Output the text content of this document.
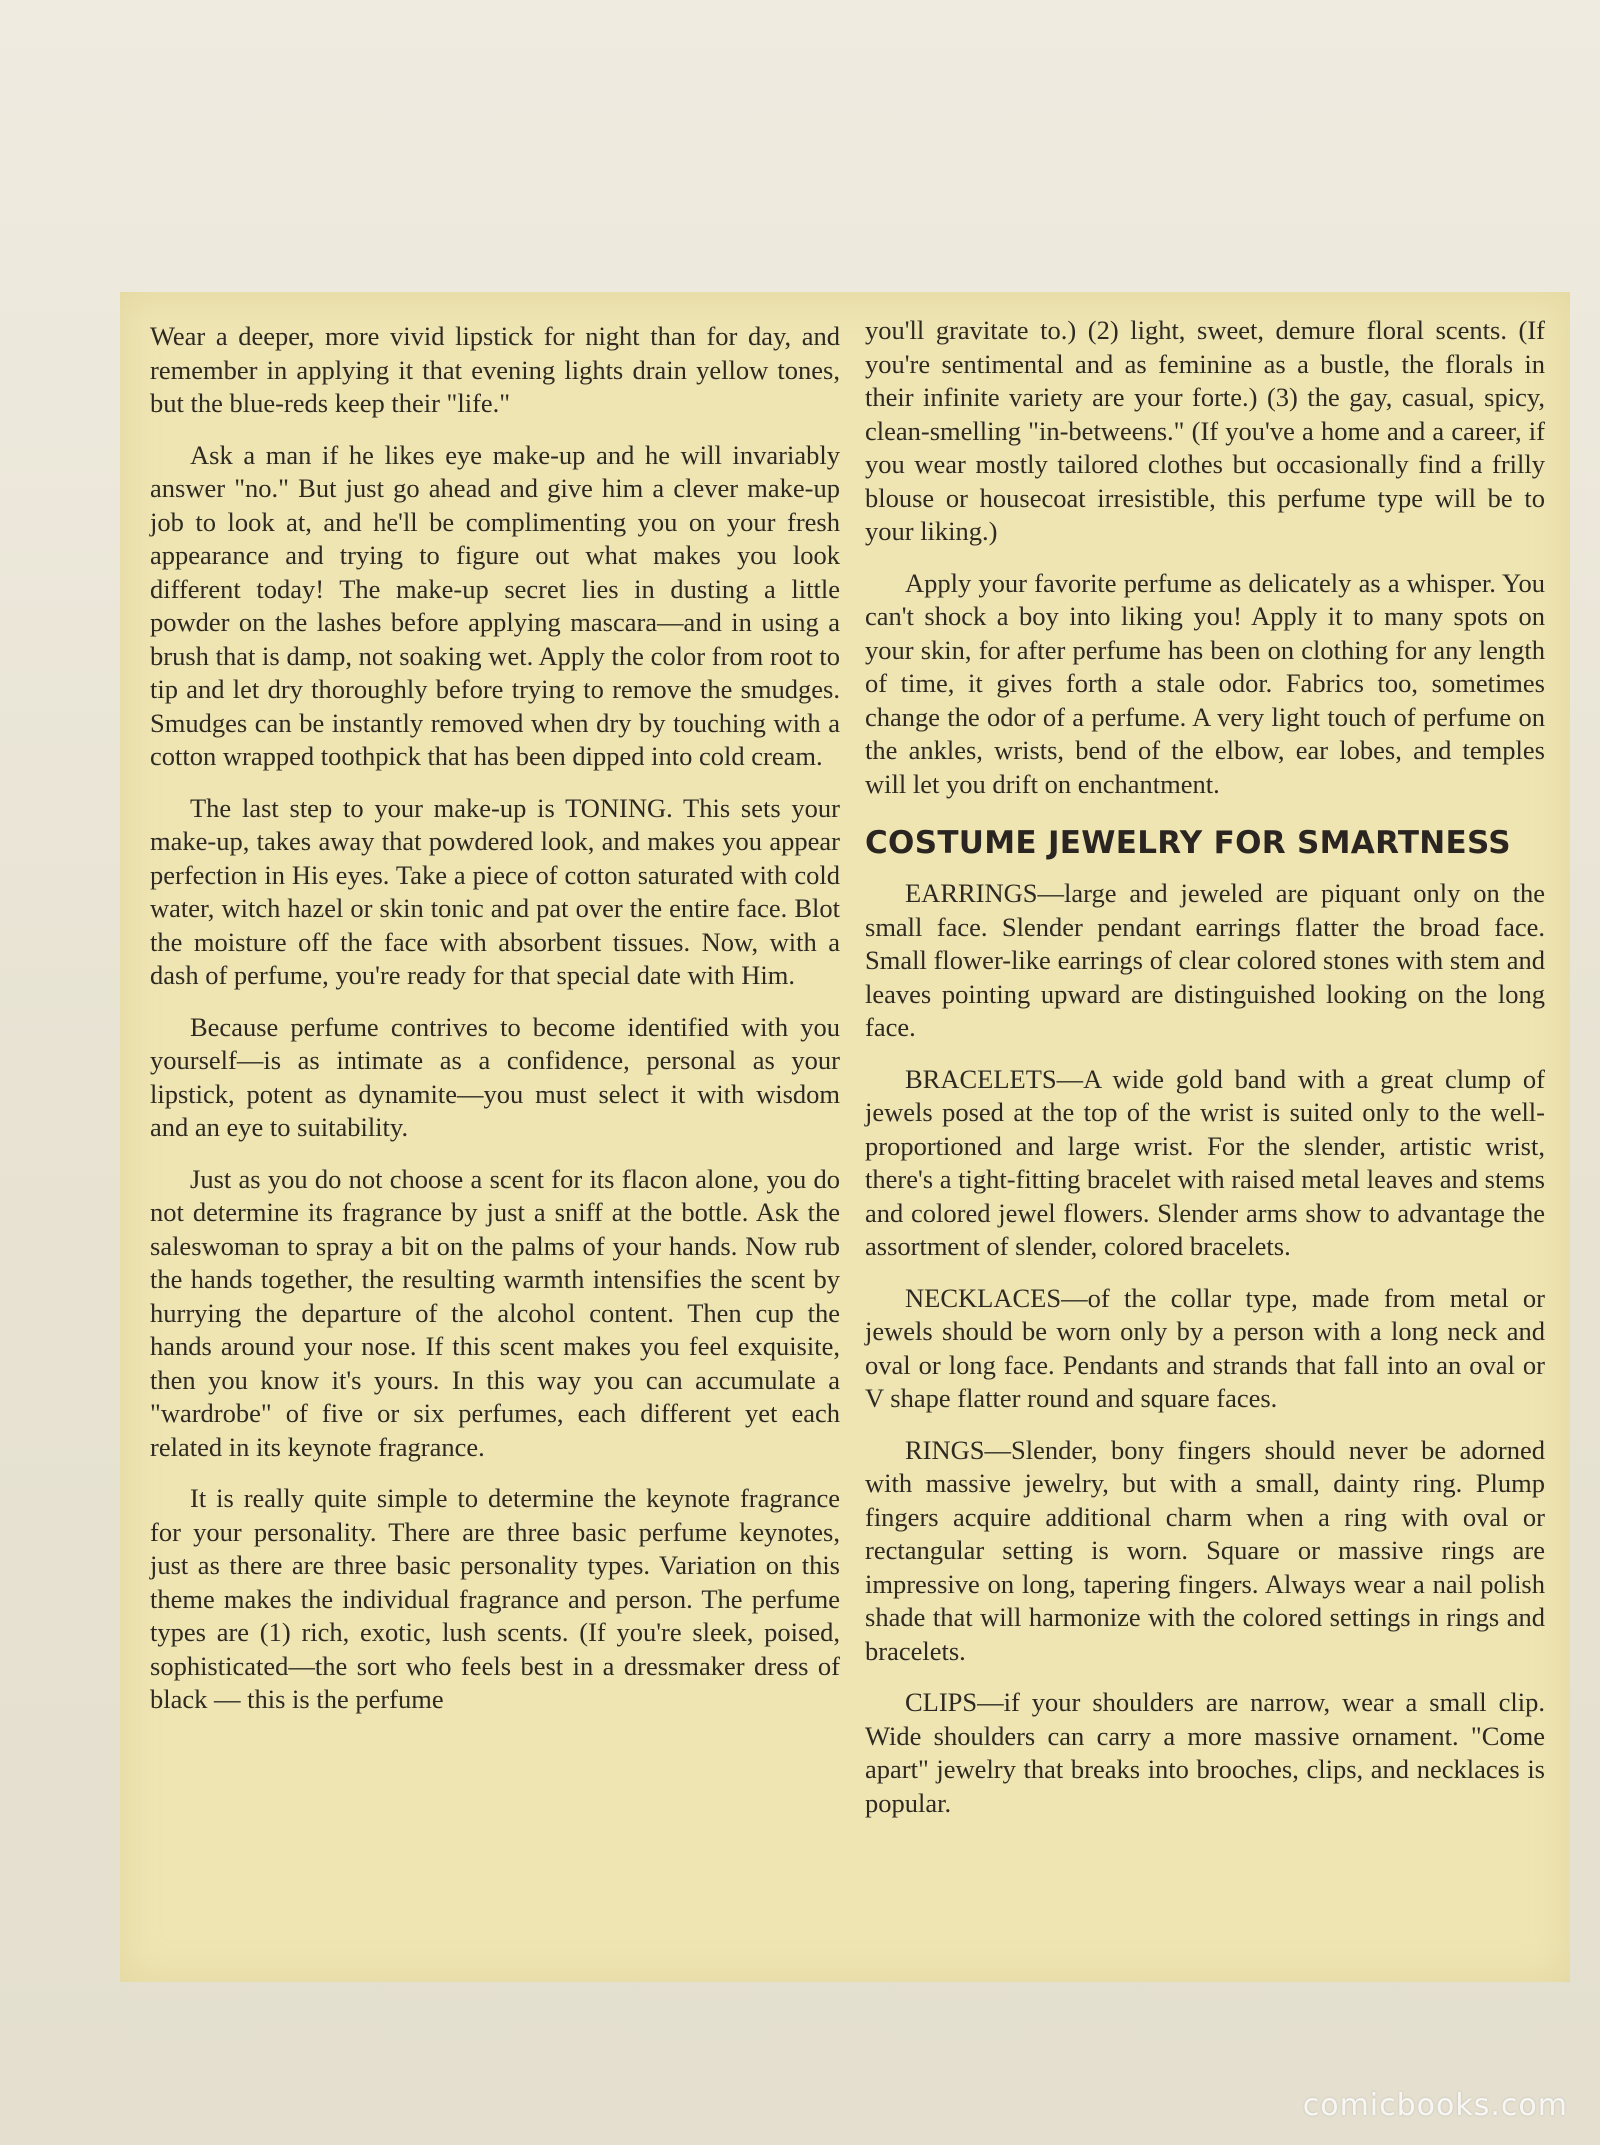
Wear a deeper, more vivid lipstick for night than for day, and remember in applying it that evening lights drain yellow tones, but the blue-reds keep their "life."

Ask a man if he likes eye make-up and he will invariably answer "no." But just go ahead and give him a clever make-up job to look at, and he'll be complimenting you on your fresh appearance and trying to figure out what makes you look different today! The make-up secret lies in dusting a little powder on the lashes before applying mascara—and in using a brush that is damp, not soaking wet. Apply the color from root to tip and let dry thoroughly before trying to remove the smudges. Smudges can be instantly removed when dry by touching with a cotton wrapped toothpick that has been dipped into cold cream.

The last step to your make-up is TONING. This sets your make-up, takes away that powdered look, and makes you appear perfection in His eyes. Take a piece of cotton saturated with cold water, witch hazel or skin tonic and pat over the entire face. Blot the moisture off the face with absorbent tissues. Now, with a dash of perfume, you're ready for that special date with Him.

Because perfume contrives to become identified with you yourself—is as intimate as a confidence, personal as your lipstick, potent as dynamite—you must select it with wisdom and an eye to suitability.

Just as you do not choose a scent for its flacon alone, you do not determine its fragrance by just a sniff at the bottle. Ask the saleswoman to spray a bit on the palms of your hands. Now rub the hands together, the resulting warmth intensifies the scent by hurrying the departure of the alcohol content. Then cup the hands around your nose. If this scent makes you feel exquisite, then you know it's yours. In this way you can accumulate a "wardrobe" of five or six perfumes, each different yet each related in its keynote fragrance.

It is really quite simple to determine the keynote fragrance for your personality. There are three basic perfume keynotes, just as there are three basic personality types. Variation on this theme makes the individual fragrance and person. The perfume types are (1) rich, exotic, lush scents. (If you're sleek, poised, sophisticated—the sort who feels best in a dressmaker dress of black — this is the perfume

you'll gravitate to.) (2) light, sweet, demure floral scents. (If you're sentimental and as feminine as a bustle, the florals in their infinite variety are your forte.) (3) the gay, casual, spicy, clean-smelling "in-betweens." (If you've a home and a career, if you wear mostly tailored clothes but occasionally find a frilly blouse or housecoat irresistible, this perfume type will be to your liking.)

Apply your favorite perfume as delicately as a whisper. You can't shock a boy into liking you! Apply it to many spots on your skin, for after perfume has been on clothing for any length of time, it gives forth a stale odor. Fabrics too, sometimes change the odor of a perfume. A very light touch of perfume on the ankles, wrists, bend of the elbow, ear lobes, and temples will let you drift on enchantment.

COSTUME JEWELRY FOR SMARTNESS

EARRINGS—large and jeweled are piquant only on the small face. Slender pendant earrings flatter the broad face. Small flower-like earrings of clear colored stones with stem and leaves pointing upward are distinguished looking on the long face.

BRACELETS—A wide gold band with a great clump of jewels posed at the top of the wrist is suited only to the well-proportioned and large wrist. For the slender, artistic wrist, there's a tight-fitting bracelet with raised metal leaves and stems and colored jewel flowers. Slender arms show to advantage the assortment of slender, colored bracelets.

NECKLACES—of the collar type, made from metal or jewels should be worn only by a person with a long neck and oval or long face. Pendants and strands that fall into an oval or V shape flatter round and square faces.

RINGS—Slender, bony fingers should never be adorned with massive jewelry, but with a small, dainty ring. Plump fingers acquire additional charm when a ring with oval or rectangular setting is worn. Square or massive rings are impressive on long, tapering fingers. Always wear a nail polish shade that will harmonize with the colored settings in rings and bracelets.

CLIPS—if your shoulders are narrow, wear a small clip. Wide shoulders can carry a more massive ornament. "Come apart" jewelry that breaks into brooches, clips, and necklaces is popular.

comicbooks.com
